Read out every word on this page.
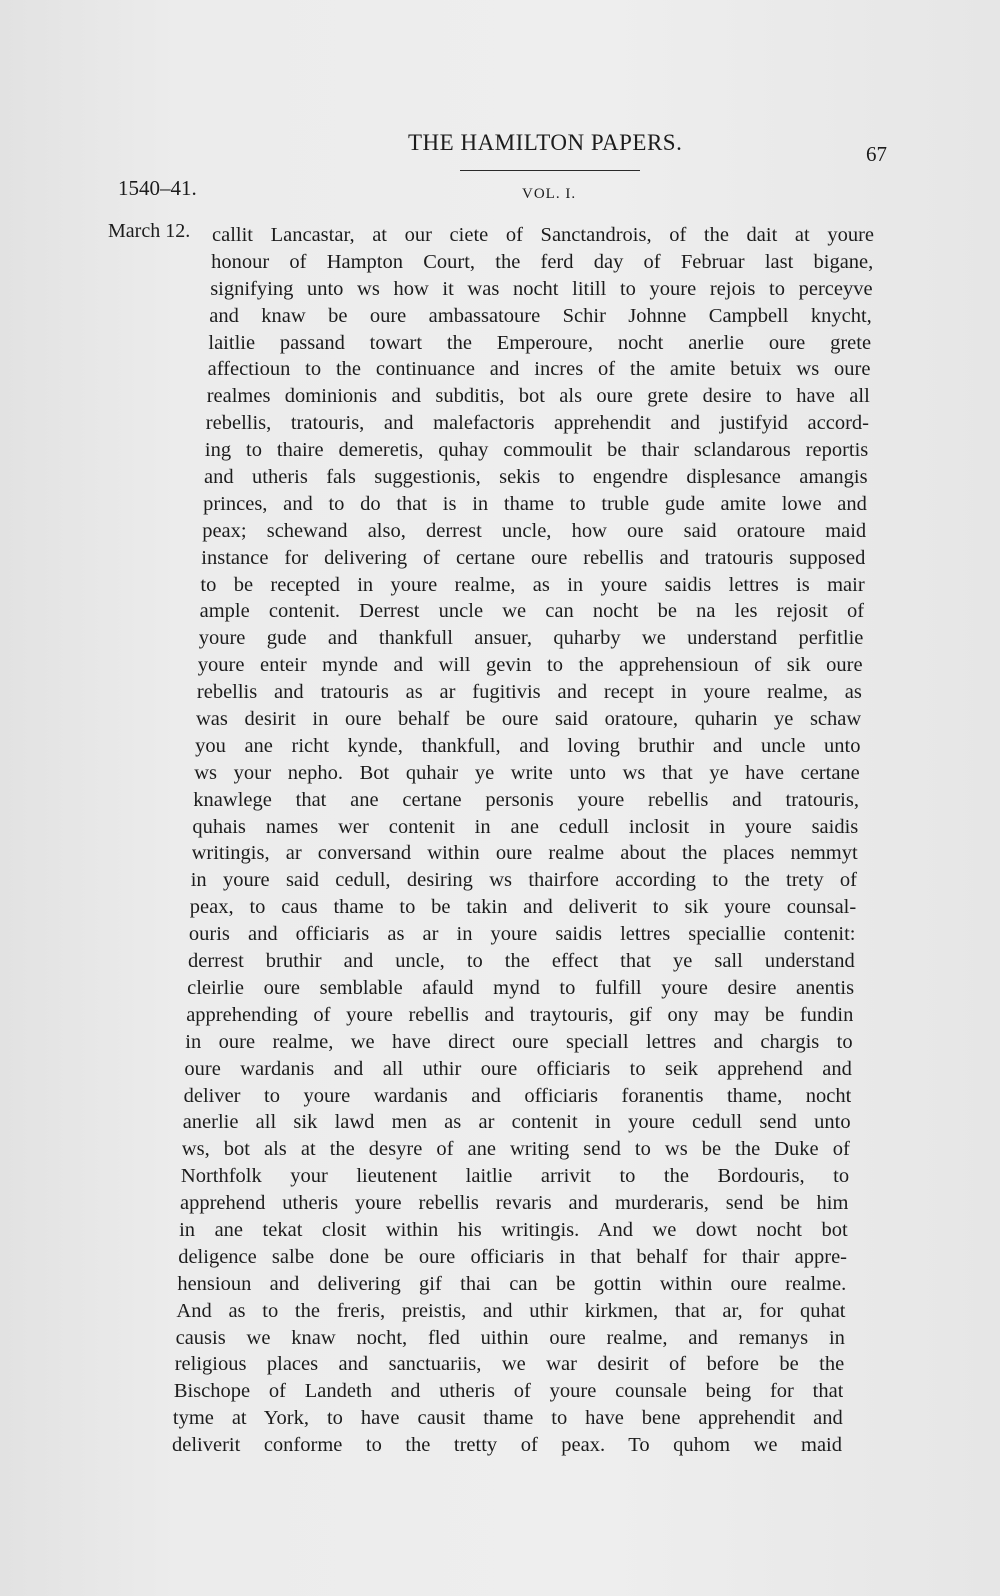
THE HAMILTON PAPERS.	67
1540–41.	VOL. I.
March 12. callit Lancastar, at our ciete of Sanctandrois, of the dait at youre
honour of Hampton Court, the ferd day of Februar last bigane,
signifying unto ws how it was nocht litill to youre rejois to perceyve
and knaw be oure ambassatoure Schir Johnne Campbell knycht,
laitlie passand towart the Emperoure, nocht anerlie oure grete
affectioun to the continuance and incres of the amite betuix ws oure
realmes dominionis and subditis, bot als oure grete desire to have all
rebellis, tratouris, and malefactoris apprehendit and justifyid accord-
ing to thaire demeretis, quhay commoulit be thair sclandarous reportis
and utheris fals suggestionis, sekis to engendre displesance amangis
princes, and to do that is in thame to truble gude amite lowe and
peax; schewand also, derrest uncle, how oure said oratoure maid
instance for delivering of certane oure rebellis and tratouris supposed
to be recepted in youre realme, as in youre saidis lettres is mair
ample contenit. Derrest uncle we can nocht be na les rejosit of
youre gude and thankfull ansuer, quharby we understand perfitlie
youre enteir mynde and will gevin to the apprehensioun of sik oure
rebellis and tratouris as ar fugitivis and recept in youre realme, as
was desirit in oure behalf be oure said oratoure, quharin ye schaw
you ane richt kynde, thankfull, and loving bruthir and uncle unto
ws your nepho. Bot quhair ye write unto ws that ye have certane
knawlege that ane certane personis youre rebellis and tratouris,
quhais names wer contenit in ane cedull inclosit in youre saidis
writingis, ar conversand within oure realme about the places nemmyt
in youre said cedull, desiring ws thairfore according to the trety of
peax, to caus thame to be takin and deliverit to sik youre counsal-
ouris and officiaris as ar in youre saidis lettres speciallie contenit:
derrest bruthir and uncle, to the effect that ye sall understand
cleirlie oure semblable afauld mynd to fulfill youre desire anentis
apprehending of youre rebellis and traytouris, gif ony may be fundin
in oure realme, we have direct oure speciall lettres and chargis to
oure wardanis and all uthir oure officiaris to seik apprehend and
deliver to youre wardanis and officiaris foranentis thame, nocht
anerlie all sik lawd men as ar contenit in youre cedull send unto
ws, bot als at the desyre of ane writing send to ws be the Duke of
Northfolk your lieutenent laitlie arrivit to the Bordouris, to
apprehend utheris youre rebellis revaris and murderaris, send be him
in ane tekat closit within his writingis. And we dowt nocht bot
deligence salbe done be oure officiaris in that behalf for thair appre-
hensioun and delivering gif thai can be gottin within oure realme.
And as to the freris, preistis, and uthir kirkmen, that ar, for quhat
causis we knaw nocht, fled uithin oure realme, and remanys in
religious places and sanctuariis, we war desirit of before be the
Bischope of Landeth and utheris of youre counsale being for that
tyme at York, to have causit thame to have bene apprehendit and
deliverit conforme to the tretty of peax. To quhom we maid
